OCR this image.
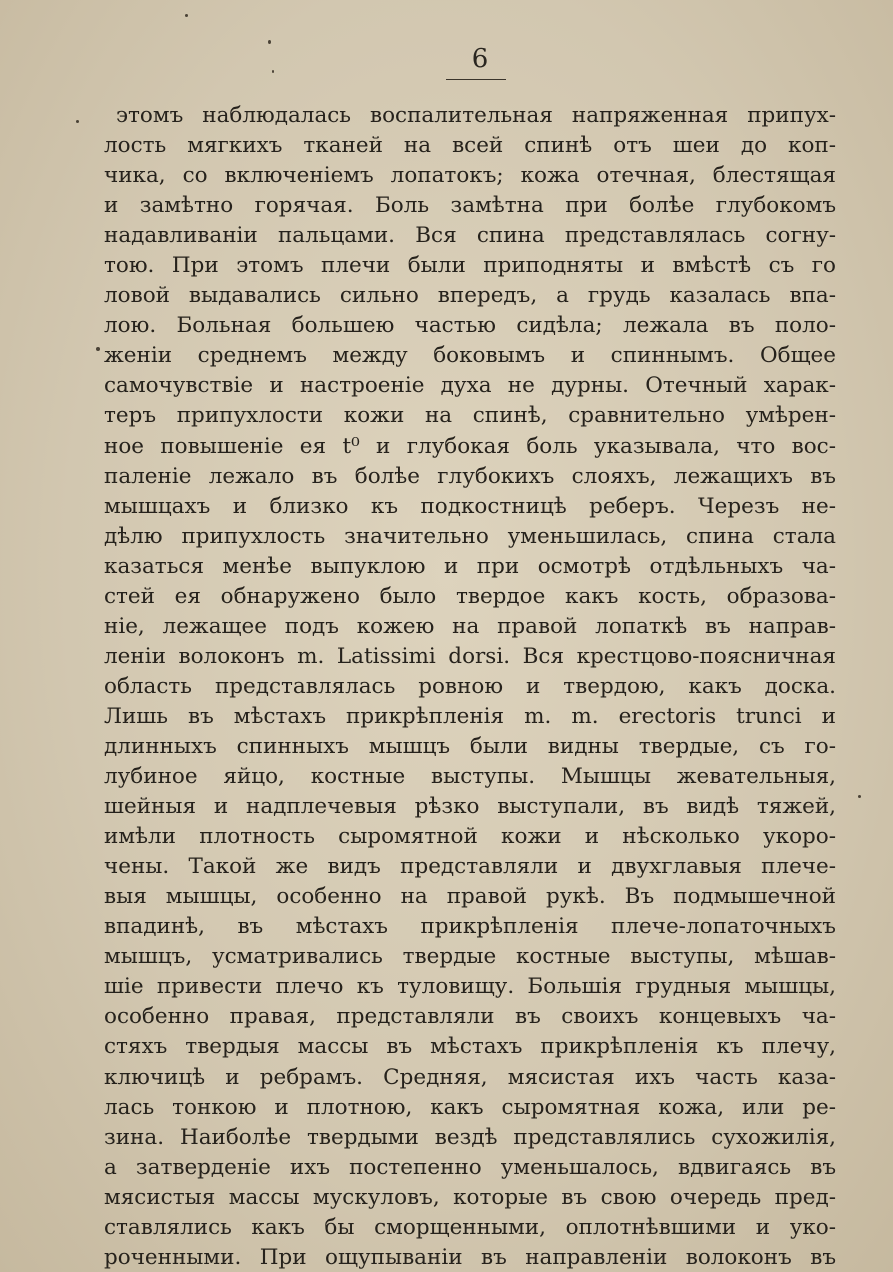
6
этомъ наблюдалась воспалительная напряженная припух-
лость мягкихъ тканей на всей спинѣ отъ шеи до коп-
чика, со включенiемъ лопатокъ; кожа отечная, блестящая
и замѣтно горячая. Боль замѣтна при болѣе глубокомъ
надавливанiи пальцами. Вся спина представлялась согну-
тою. При этомъ плечи были приподняты и вмѣстѣ съ го
ловой выдавались сильно впередъ, а грудь казалась впа-
лою. Больная большею частью сидѣла; лежала въ поло-
женiи среднемъ между боковымъ и спиннымъ. Общее
самочувствiе и настроенiе духа не дурны. Отечный харак-
теръ припухлости кожи на спинѣ, сравнительно умѣрен-
ное повышенiе ея t⁰ и глубокая боль указывала, что вос-
паленiе лежало въ болѣе глубокихъ слояхъ, лежащихъ въ
мышцахъ и близко къ подкостницѣ реберъ. Черезъ не-
дѣлю припухлость значительно уменьшилась, спина стала
казаться менѣе выпуклою и при осмотрѣ отдѣльныхъ ча-
стей ея обнаружено было твердое какъ кость, образова-
нiе, лежащее подъ кожею на правой лопаткѣ въ направ-
ленiи волоконъ m. Latissimi dorsi. Вся крестцово-поясничная
область представлялась ровною и твердою, какъ доска.
Лишь въ мѣстахъ прикрѣпленiя m. m. erectoris trunci и
длинныхъ спинныхъ мышцъ были видны твердые, съ го-
лубиное яйцо, костные выступы. Мышцы жевательныя,
шейныя и надплечевыя рѣзко выступали, въ видѣ тяжей,
имѣли плотность сыромятной кожи и нѣсколько укоро-
чены. Такой же видъ представляли и двухглавыя плече-
выя мышцы, особенно на правой рукѣ. Въ подмышечной
впадинѣ, въ мѣстахъ прикрѣпленiя плече-лопаточныхъ
мышцъ, усматривались твердые костные выступы, мѣшав-
шiе привести плечо къ туловищу. Большiя грудныя мышцы,
особенно правая, представляли въ своихъ концевыхъ ча-
стяхъ твердыя массы въ мѣстахъ прикрѣпленiя къ плечу,
ключицѣ и ребрамъ. Средняя, мясистая ихъ часть каза-
лась тонкою и плотною, какъ сыромятная кожа, или ре-
зина. Наиболѣе твердыми вездѣ представлялись сухожилiя,
а затверденiе ихъ постепенно уменьшалось, вдвигаясь въ
мясистыя массы мускуловъ, которые въ свою очередь пред-
ставлялись какъ бы сморщенными, оплотнѣвшими и уко-
роченными. При ощупыванiи въ направленiи волоконъ въ
